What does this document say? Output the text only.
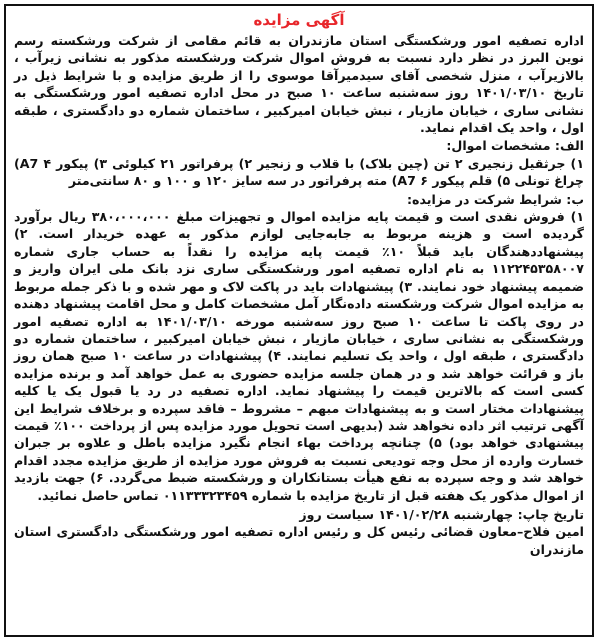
آگهی مزایده

اداره تصفیه امور ورشکستگی استان مازندران به قائم مقامی از شرکت ورشکسته رسم نوین البرز در نظر دارد نسبت به فروش اموال شرکت ورشکسته مذکور به نشانی زیرآب ، بالازیرآب ، منزل شخصی آقای سیدمیرآقا موسوی را از طریق مزایده و با شرایط ذیل در تاریخ ۱۴۰۱/۰۳/۱۰ روز سه‌شنبه ساعت ۱۰ صبح در محل اداره تصفیه امور ورشکستگی به نشانی ساری ، خیابان مازیار ، نبش خیابان امیرکبیر ، ساختمان شماره دو دادگستری ، طبقه اول ، واحد یک اقدام نماید.

الف: مشخصات اموال:

۱) جرثقیل زنجیری ۲ تن (چین بلاک) با قلاب و زنجیر ۲) پرفراتور ۲۱ کیلوئی ۳) پیکور A7 ۴) چراغ تونلی ۵) قلم پیکور A7 ۶) مته پرفراتور در سه سایز ۱۲۰ و ۱۰۰ و ۸۰ سانتی‌متر

ب: شرایط شرکت در مزایده:

۱) فروش نقدی است و قیمت پایه مزایده اموال و تجهیزات مبلغ ۳۸۰،۰۰۰،۰۰۰ ریال برآورد گردیده است و هزینه مربوط به جابه‌جایی لوازم مذکور به عهده خریدار است. ۲) پیشنهاددهندگان باید قبلاً ۱۰٪ قیمت پایه مزایده را نقداً به حساب جاری شماره ۱۱۲۲۴۵۳۵۸۰۰۷ به نام اداره تصفیه امور ورشکستگی ساری نزد بانک ملی ایران واریز و ضمیمه پیشنهاد خود نمایند. ۳) پیشنهادات باید در پاکت لاک و مهر شده و با ذکر جمله مربوط به مزایده اموال شرکت ورشکسته داده‌نگار آمل مشخصات کامل و محل اقامت پیشنهاد دهنده در روی پاکت تا ساعت ۱۰ صبح روز سه‌شنبه مورخه ۱۴۰۱/۰۳/۱۰ به اداره تصفیه امور ورشکستگی به نشانی ساری ، خیابان مازیار ، نبش خیابان امیرکبیر ، ساختمان شماره دو دادگستری ، طبقه اول ، واحد یک تسلیم نمایند. ۴) پیشنهادات در ساعت ۱۰ صبح همان روز باز و قرائت خواهد شد و در همان جلسه مزایده حضوری به عمل خواهد آمد و برنده مزایده کسی است که بالاترین قیمت را پیشنهاد نماید. اداره تصفیه در رد یا قبول یک یا کلیه پیشنهادات مختار است و به پیشنهادات مبهم – مشروط – فاقد سپرده و برخلاف شرایط این آگهی ترتیب اثر داده نخواهد شد (بدیهی است تحویل مورد مزایده پس از پرداخت ۱۰۰٪ قیمت پیشنهادی خواهد بود) ۵) چنانچه پرداخت بهاء انجام نگیرد مزایده باطل و علاوه بر جبران خسارت وارده از محل وجه تودیعی نسبت به فروش مورد مزایده از طریق مزایده مجدد اقدام خواهد شد و وجه سپرده به نفع هیأت بستانکاران و ورشکسته ضبط می‌گردد. ۶) جهت بازدید از اموال مذکور یک هفته قبل از تاریخ مزایده با شماره ۰۱۱۳۳۳۲۳۴۵۹ تماس حاصل نمائید.

تاریخ چاپ: چهارشنبه ۱۴۰۱/۰۲/۲۸ سیاست روز

امین فلاح–معاون قضائی رئیس کل و رئیس اداره تصفیه امور ورشکستگی دادگستری استان مازندران
